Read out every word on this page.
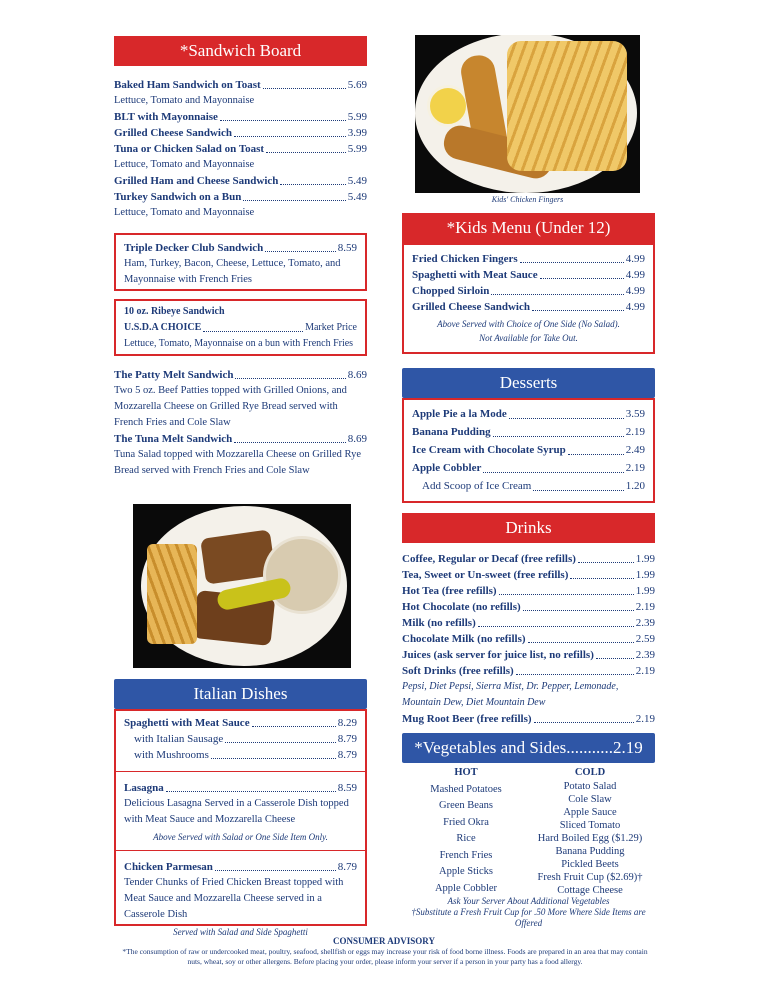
*Sandwich Board
Baked Ham Sandwich on Toast	5.69
Lettuce, Tomato and Mayonnaise
BLT with Mayonnaise	5.99
Grilled Cheese Sandwich	3.99
Tuna or Chicken Salad on Toast	5.99
Lettuce, Tomato and Mayonnaise
Grilled Ham and Cheese Sandwich	5.49
Turkey Sandwich on a Bun	5.49
Lettuce, Tomato and Mayonnaise
Triple Decker Club Sandwich	8.59
Ham, Turkey, Bacon, Cheese, Lettuce, Tomato, and Mayonnaise with French Fries
10 oz. Ribeye Sandwich
U.S.D.A CHOICE	Market Price
Lettuce, Tomato, Mayonnaise on a bun with French Fries
The Patty Melt Sandwich	8.69
Two 5 oz. Beef Patties topped with Grilled Onions, and Mozzarella Cheese on Grilled Rye Bread served with French Fries and Cole Slaw
The Tuna Melt Sandwich	8.69
Tuna Salad topped with Mozzarella Cheese on Grilled Rye Bread served with French Fries and Cole Slaw
Italian Dishes
Spaghetti with Meat Sauce	8.29
with Italian Sausage	8.79
with Mushrooms	8.79
Lasagna	8.59
Delicious Lasagna Served in a Casserole Dish topped with Meat Sauce and Mozzarella Cheese
Above Served with Salad or One Side Item Only.
Chicken Parmesan	8.79
Tender Chunks of Fried Chicken Breast topped with Meat Sauce and Mozzarella Cheese served in a Casserole Dish
Served with Salad and Side Spaghetti
Kids' Chicken Fingers
*Kids Menu (Under 12)
Fried Chicken Fingers	4.99
Spaghetti with Meat Sauce	4.99
Chopped Sirloin	4.99
Grilled Cheese Sandwich	4.99
Above Served with Choice of One Side (No Salad).
Not Available for Take Out.
Desserts
Apple Pie a la Mode	3.59
Banana Pudding	2.19
Ice Cream with Chocolate Syrup	2.49
Apple Cobbler	2.19
Add Scoop of Ice Cream	1.20
Drinks
Coffee, Regular or Decaf (free refills)	1.99
Tea, Sweet or Un-sweet (free refills)	1.99
Hot Tea (free refills)	1.99
Hot Chocolate (no refills)	2.19
Milk (no refills)	2.39
Chocolate Milk (no refills)	2.59
Juices (ask server for juice list, no refills)	2.39
Soft Drinks (free refills)	2.19
Pepsi, Diet Pepsi, Sierra Mist, Dr. Pepper, Lemonade, Mountain Dew, Diet Mountain Dew
Mug Root Beer (free refills)	2.19
*Vegetables and Sides...........2.19
HOT
Mashed Potatoes
Green Beans
Fried Okra
Rice
French Fries
Apple Sticks
Apple Cobbler
COLD
Potato Salad
Cole Slaw
Apple Sauce
Sliced Tomato
Hard Boiled Egg ($1.29)
Banana Pudding
Pickled Beets
Fresh Fruit Cup ($2.69)†
Cottage Cheese
Ask Your Server About Additional Vegetables
†Substitute a Fresh Fruit Cup for .50 More Where Side Items are Offered
CONSUMER ADVISORY
*The consumption of raw or undercooked meat, poultry, seafood, shellfish or eggs may increase your risk of food borne illness. Foods are prepared in an area that may contain nuts, wheat, soy or other allergens. Before placing your order, please inform your server if a person in your party has a food allergy.
